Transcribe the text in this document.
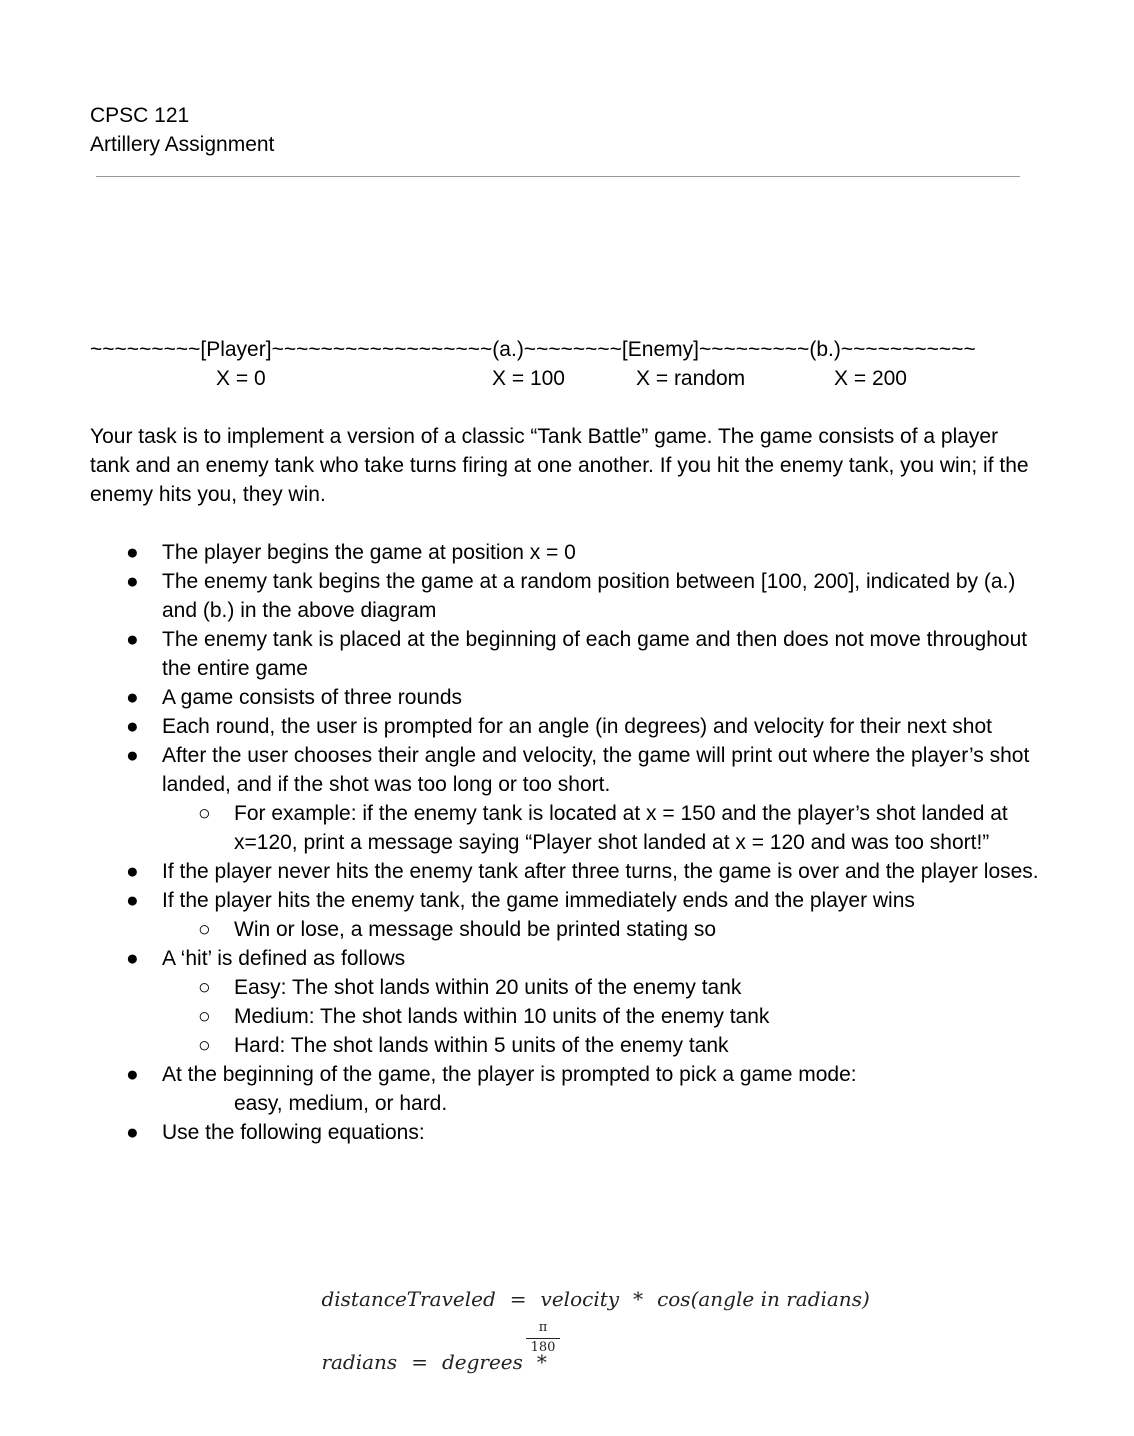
CPSC 121
Artillery Assignment
~~~~~~~~~[Player]~~~~~~~~~~~~~~~~~~(a.)~~~~~~~~[Enemy]~~~~~~~~~(b.)~~~~~~~~~~~
X = 0	X = 100	X = random	X = 200
Your task is to implement a version of a classic “Tank Battle” game. The game consists of a player tank and an enemy tank who take turns firing at one another. If you hit the enemy tank, you win; if the enemy hits you, they win.
● The player begins the game at position x = 0
● The enemy tank begins the game at a random position between [100, 200], indicated by (a.) and (b.) in the above diagram
● The enemy tank is placed at the beginning of each game and then does not move throughout the entire game
● A game consists of three rounds
● Each round, the user is prompted for an angle (in degrees) and velocity for their next shot
● After the user chooses their angle and velocity, the game will print out where the player’s shot landed, and if the shot was too long or too short.
○ For example: if the enemy tank is located at x = 150 and the player’s shot landed at x=120, print a message saying “Player shot landed at x = 120 and was too short!”
● If the player never hits the enemy tank after three turns, the game is over and the player loses.
● If the player hits the enemy tank, the game immediately ends and the player wins
○ Win or lose, a message should be printed stating so
● A ‘hit’ is defined as follows
○ Easy: The shot lands within 20 units of the enemy tank
○ Medium: The shot lands within 10 units of the enemy tank
○ Hard: The shot lands within 5 units of the enemy tank
● At the beginning of the game, the player is prompted to pick a game mode:
easy, medium, or hard.
● Use the following equations:

distanceTraveled = velocity * cos(angle in radians)

radians = degrees *

π
180
